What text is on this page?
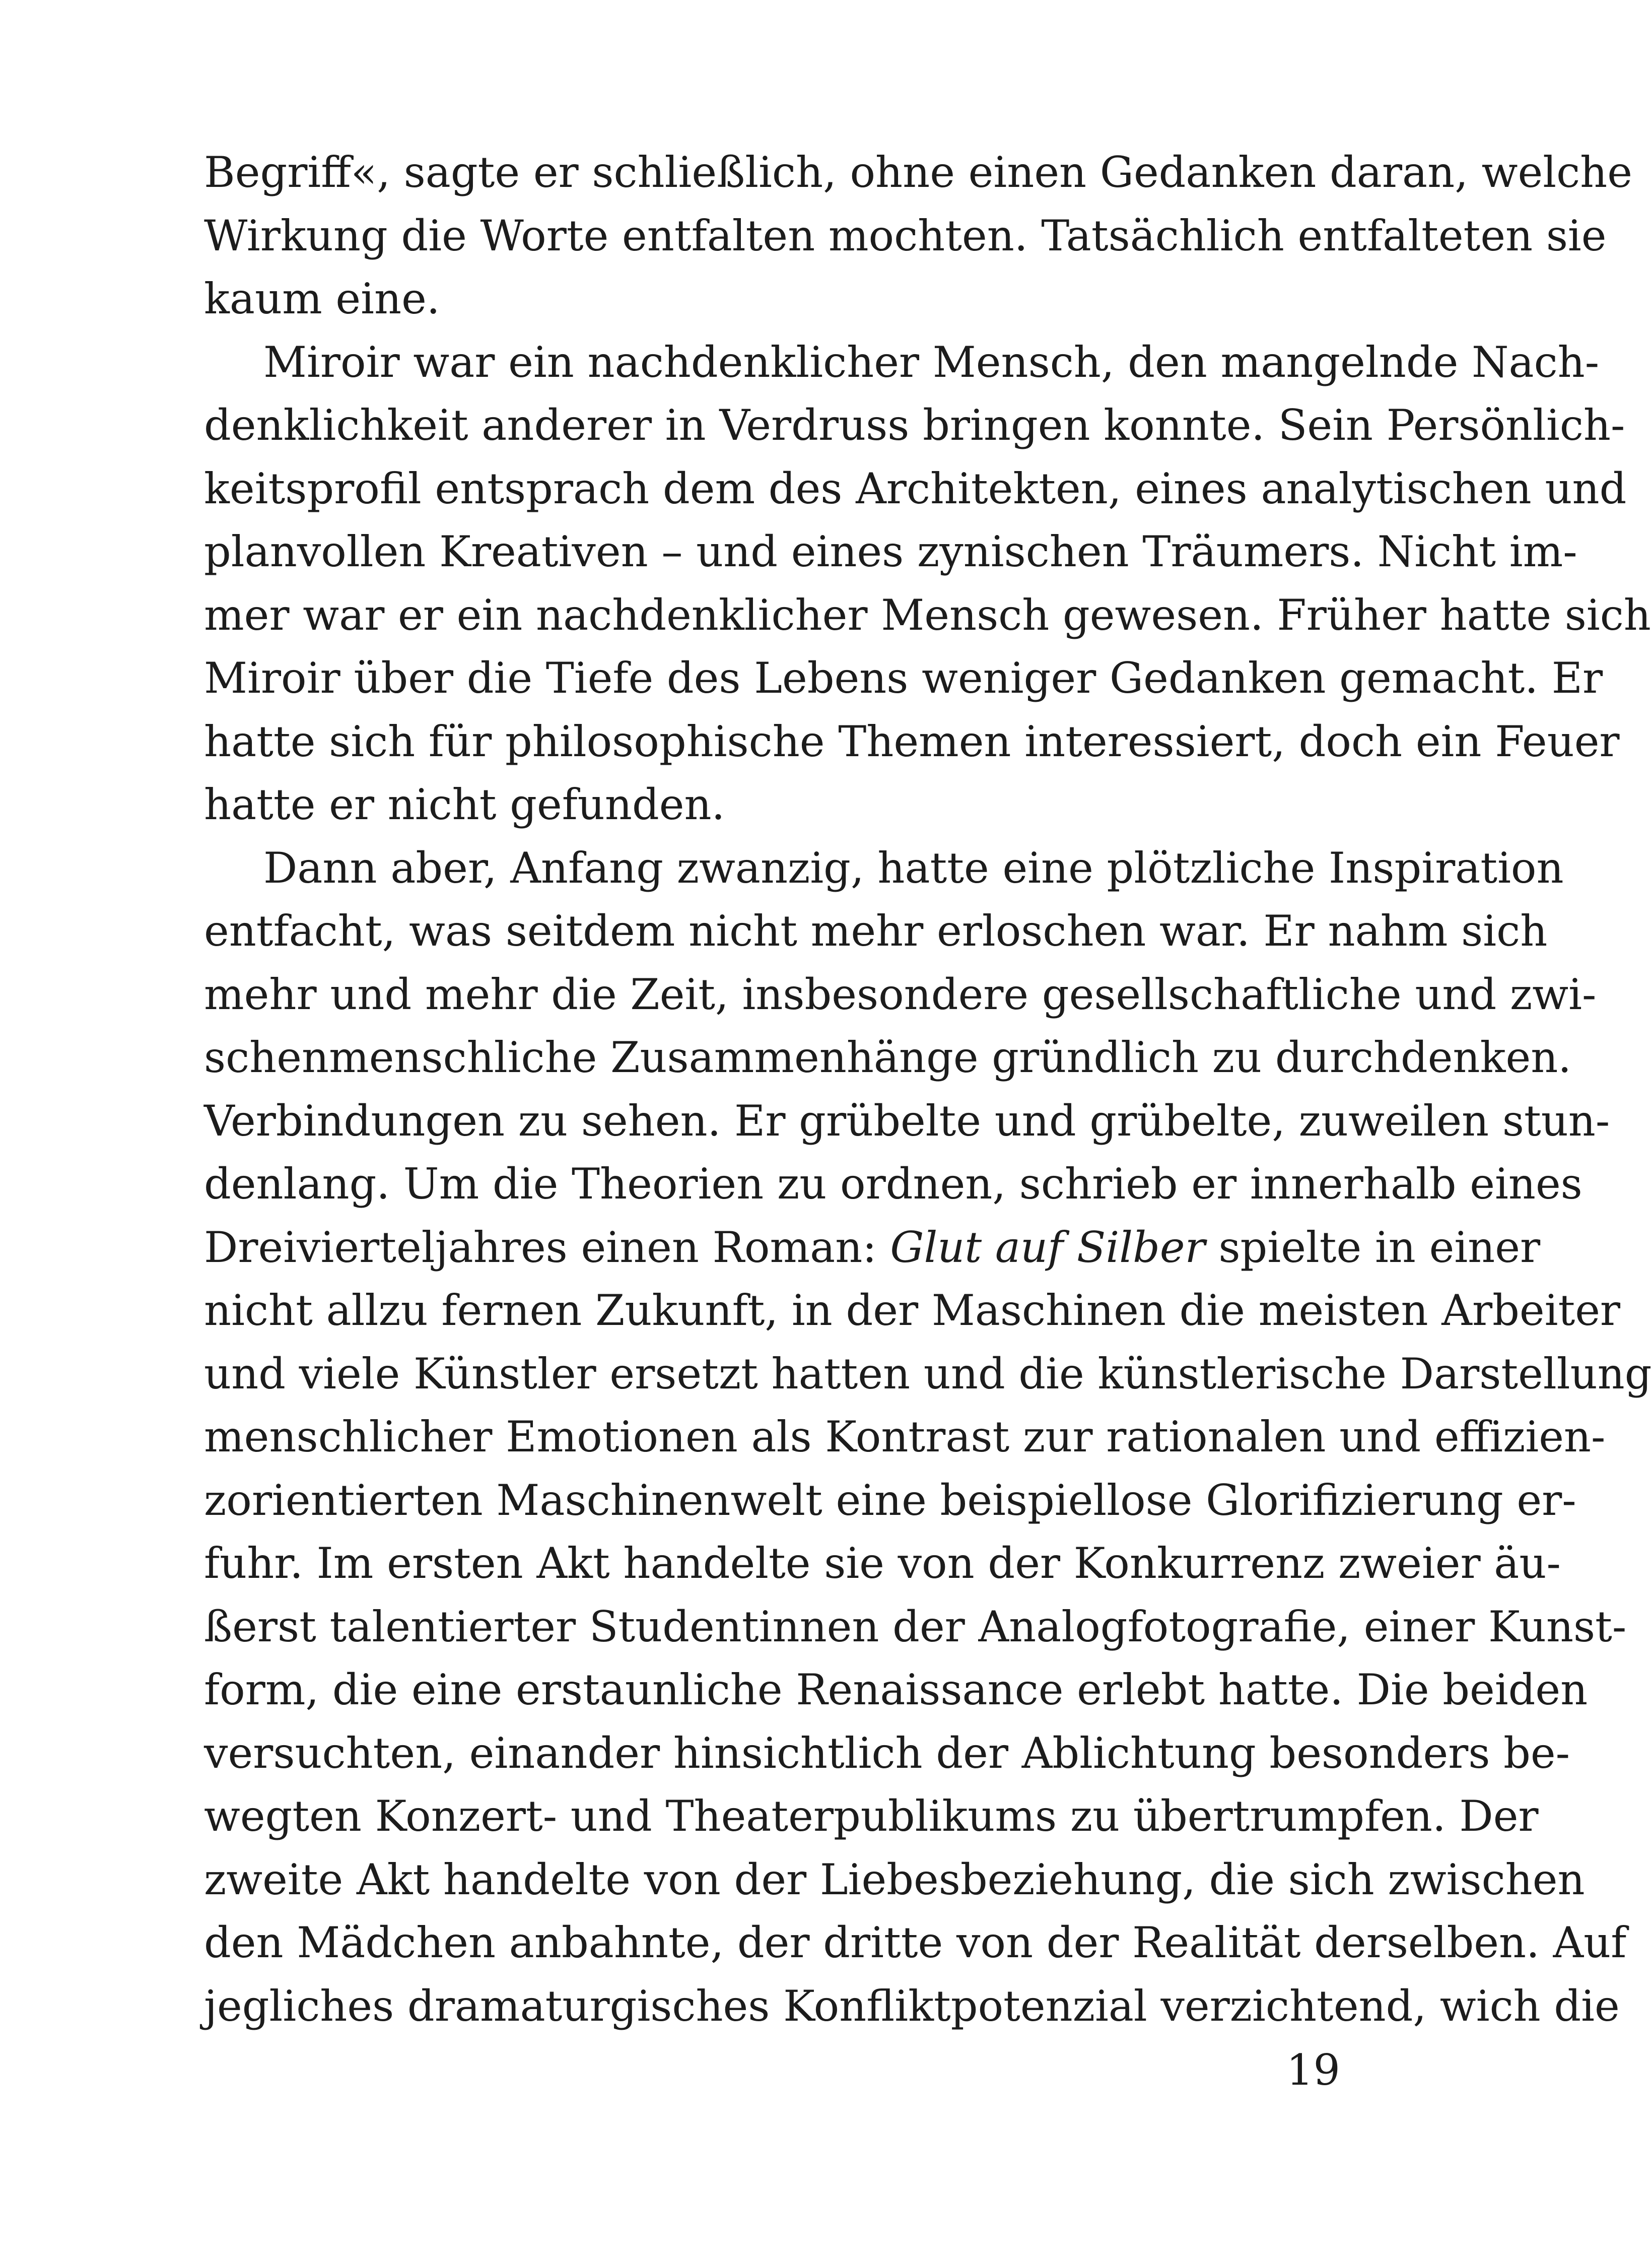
Begriff«, sagte er schließlich, ohne einen Gedanken daran, welche
Wirkung die Worte entfalten mochten. Tatsächlich entfalteten sie
kaum eine.
Miroir war ein nachdenklicher Mensch, den mangelnde Nach-
denklichkeit anderer in Verdruss bringen konnte. Sein Persönlich-
keitsprofil entsprach dem des Architekten, eines analytischen und
planvollen Kreativen – und eines zynischen Träumers. Nicht im-
mer war er ein nachdenklicher Mensch gewesen. Früher hatte sich
Miroir über die Tiefe des Lebens weniger Gedanken gemacht. Er
hatte sich für philosophische Themen interessiert, doch ein Feuer
hatte er nicht gefunden.
Dann aber, Anfang zwanzig, hatte eine plötzliche Inspiration
entfacht, was seitdem nicht mehr erloschen war. Er nahm sich
mehr und mehr die Zeit, insbesondere gesellschaftliche und zwi-
schenmenschliche Zusammenhänge gründlich zu durchdenken.
Verbindungen zu sehen. Er grübelte und grübelte, zuweilen stun-
denlang. Um die Theorien zu ordnen, schrieb er innerhalb eines
Dreivierteljahres einen Roman: Glut auf Silber spielte in einer
nicht allzu fernen Zukunft, in der Maschinen die meisten Arbeiter
und viele Künstler ersetzt hatten und die künstlerische Darstellung
menschlicher Emotionen als Kontrast zur rationalen und effizien-
zorientierten Maschinenwelt eine beispiellose Glorifizierung er-
fuhr. Im ersten Akt handelte sie von der Konkurrenz zweier äu-
ßerst talentierter Studentinnen der Analogfotografie, einer Kunst-
form, die eine erstaunliche Renaissance erlebt hatte. Die beiden
versuchten, einander hinsichtlich der Ablichtung besonders be-
wegten Konzert- und Theaterpublikums zu übertrumpfen. Der
zweite Akt handelte von der Liebesbeziehung, die sich zwischen
den Mädchen anbahnte, der dritte von der Realität derselben. Auf
jegliches dramaturgisches Konfliktpotenzial verzichtend, wich die
19
